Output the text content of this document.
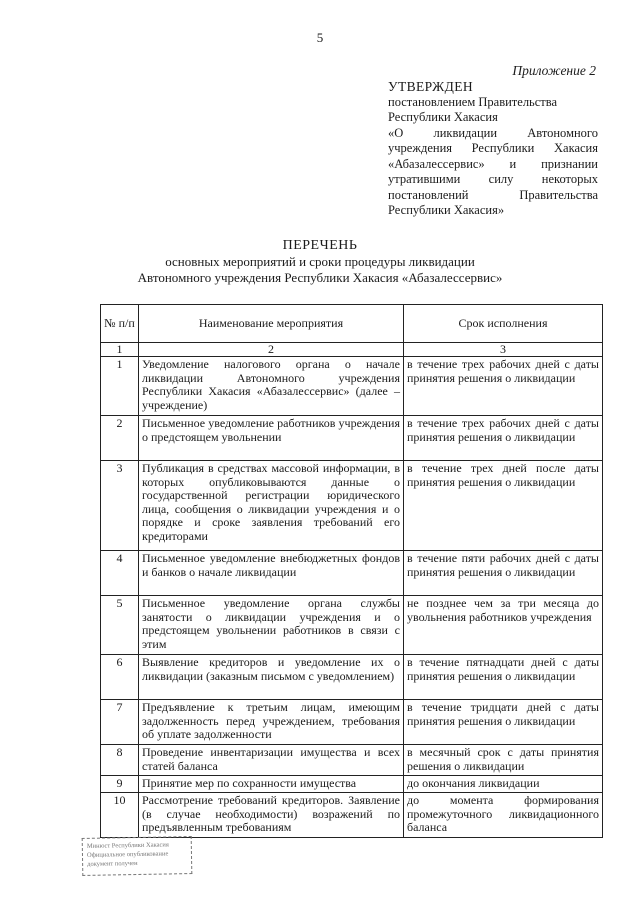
5
Приложение 2
УТВЕРЖДЕН
постановлением Правительства
Республики Хакасия
«О ликвидации Автономного
учреждения Республики Хакасия
«Абазалессервис» и признании
утратившими силу некоторых
постановлений Правительства
Республики Хакасия»
ПЕРЕЧЕНЬ
основных мероприятий и сроки процедуры ликвидации
Автономного учреждения Республики Хакасия «Абазалессервис»
№ п/п	Наименование мероприятия	Срок исполнения
1	2	3
1	Уведомление налогового органа о начале ликвидации Автономного учреждения Республики Хакасия «Абазалессервис» (далее – учреждение)	в течение трех рабочих дней с даты принятия решения о ликвидации
2	Письменное уведомление работников учреждения о предстоящем увольнении	в течение трех рабочих дней с даты принятия решения о ликвидации
3	Публикация в средствах массовой информации, в которых опубликовываются данные о государственной регистрации юридического лица, сообщения о ликвидации учреждения и о порядке и сроке заявления требований его кредиторами	в течение трех дней после даты принятия решения о ликвидации
4	Письменное уведомление внебюджетных фондов и банков о начале ликвидации	в течение пяти рабочих дней с даты принятия решения о ликвидации
5	Письменное уведомление органа службы занятости о ликвидации учреждения и о предстоящем увольнении работников в связи с этим	не позднее чем за три месяца до увольнения работников учреждения
6	Выявление кредиторов и уведомление их о ликвидации (заказным письмом с уведомлением)	в течение пятнадцати дней с даты принятия решения о ликвидации
7	Предъявление к третьим лицам, имеющим задолженность перед учреждением, требования об уплате задолженности	в течение тридцати дней с даты принятия решения о ликвидации
8	Проведение инвентаризации имущества и всех статей баланса	в месячный срок с даты принятия решения о ликвидации
9	Принятие мер по сохранности имущества	до окончания ликвидации
10	Рассмотрение требований кредиторов. Заявление (в случае необходимости) возражений по предъявленным требованиям	до момента формирования промежуточного ликвидационного баланса
Минюст Республики Хакасия
Официальное опубликование
документ получен
